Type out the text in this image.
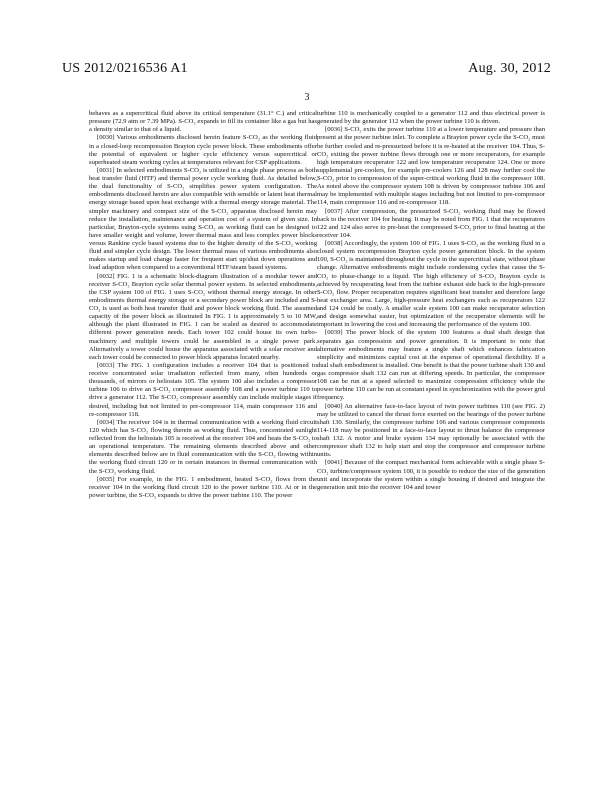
US 2012/0216536 A1	Aug. 30, 2012
3

behaves as a supercritical fluid above its critical temperature (31.1° C.) and critical pressure (72.9 atm or 7.39 MPa). S-CO₂ expands to fill its container like a gas but has a density similar to that of a liquid.

[0030] Various embodiments disclosed herein feature S-CO₂ as the working fluid in a closed-loop recompression Brayton cycle power block. These embodiments offer the potential of equivalent or higher cycle efficiency versus supercritical or superheated steam working cycles at temperatures relevant for CSP applications.

[0031] In selected embodiments S-CO₂ is utilized in a single phase process as both heat transfer fluid (HTF) and thermal power cycle working fluid. As detailed below, the dual functionality of S-CO₂ simplifies power system configuration. The embodiments disclosed herein are also compatible with sensible or latent heat thermal energy storage based upon heat exchange with a thermal energy storage material. The simpler machinery and compact size of the S-CO₂ apparatus disclosed herein may reduce the installation, maintenance and operation cost of a system of given size. In particular, Brayton-cycle systems using S-CO₂ as working fluid can be designed to have smaller weight and volume, lower thermal mass and less complex power blocks versus Rankine cycle based systems due to the higher density of the S-CO₂ working fluid and simpler cycle design. The lower thermal mass of various embodiments also makes startup and load change faster for frequent start up/shut down operations and load adaption when compared to a conventional HTF/steam based systems.

[0032] FIG. 1 is a schematic block-diagram illustration of a modular tower and receiver S-CO₂ Brayton cycle solar thermal power system. In selected embodiments, the CSP system 100 of FIG. 1 uses S-CO₂ without thermal energy storage. In other embodiments thermal energy storage or a secondary power block are included and S-CO₂ is used as both heat transfer fluid and power block working fluid. The assumed capacity of the power block as illustrated In FIG. 1 is approximately 5 to 10 MW, although the plant illustrated in FIG. 1 can be scaled as desired to accommodate different power generation needs. Each tower 102 could house its own turbo-machinery and multiple towers could be assembled in a single power park. Alternatively a tower could house the apparatus associated with a solar receiver and each tower could be connected to power block apparatus located nearby.

[0033] The FIG. 1 configuration includes a receiver 104 that is positioned to receive concentrated solar irradiation reflected from many, often hundreds or thousands, of mirrors or heliostats 105. The system 100 also includes a compressor turbine 106 to drive an S-CO₂ compressor assembly 108 and a power turbine 110 to drive a generator 112. The S-CO₂ compressor assembly can include multiple stages if desired, including but not limited to pre-compressor 114, main compressor 116 and re-compressor 118.

[0034] The receiver 104 is in thermal communication with a working fluid circuit 120 which has S-CO₂ flowing therein as working fluid. Thus, concentrated sunlight reflected from the heliostats 105 is received at the receiver 104 and heats the S-CO₂ to an operational temperature. The remaining elements described above and other elements described below are in fluid communication with the S-CO₂ flowing within the working fluid circuit 120 or in certain instances in thermal communication with the S-CO₂ working fluid.

[0035] For example, in the FIG. 1 embodiment, heated S-CO₂ flows from the receiver 104 in the working fluid circuit 120 to the power turbine 110. At or in the power turbine, the S-CO₂ expands to drive the power turbine 110. The power

turbine 110 is mechanically coupled to a generator 112 and thus electrical power is generated by the generator 112 when the power turbine 110 is driven.

[0036] S-CO₂ exits the power turbine 110 at a lower temperature and pressure than present at the power turbine inlet. To complete a Brayton power cycle the S-CO₂ must be further cooled and re-pressurized before it is re-heated at the receiver 104. Thus, S-CO₂ exiting the power turbine flows through one or more recuperators, for example high temperature recuperator 122 and low temperature recuperator 124. One or more supplemental pre-coolers, for example pre-coolers 126 and 128 may further cool the S-CO₂ prior to compression of the super-critical working fluid in the compressor 108. As noted above the compressor system 108 is driven by compressor turbine 106 and may be implemented with multiple stages including but not limited to pre-compressor 114, main compressor 116 and re-compressor 118.

[0037] After compression, the pressurized S-CO₂ working fluid may be flowed back to the receiver 104 for heating. It may be noted from FIG. 1 that the recuperators 122 and 124 also serve to pre-heat the compressed S-CO₂ prior to final heating at the receiver 104.

[0038] Accordingly, the system 100 of FIG. 1 uses S-CO₂ as the working fluid in a closed system recompression Brayton cycle power generation block. In the system 100, S-CO₂ is maintained throughout the cycle in the supercritical state, without phase change. Alternative embodiments might include condensing cycles that cause the S-CO₂ to phase-change to a liquid. The high efficiency of S-CO₂ Brayton cycle is achieved by recuperating heat from the turbine exhaust side back to the high-pressure S-CO₂ flow. Proper recuperation requires significant heat transfer and therefore large heat exchanger area. Large, high-pressure heat exchangers such as recuperators 122 and 124 could be costly. A smaller scale system 100 can make recuperator selection and design somewhat easier, but optimization of the recuperator elements will be important in lowering the cost and increasing the performance of the system 100.

[0039] The power block of the system 100 features a dual shaft design that separates gas compression and power generation. It is important to note that alternative embodiments may feature a single shaft which enhances fabrication simplicity and minimizes capital cost at the expense of operational flexibility. If a dual shaft embodiment is installed. One benefit is that the power turbine shaft 130 and gas compressor shaft 132 can run at differing speeds. In particular, the compressor 108 can be run at a speed selected to maximize compression efficiency while the power turbine 110 can be run at constant speed in synchronization with the power grid frequency.

[0040] An alternative face-to-face layout of twin power turbines 110 (see FIG. 2) may be utilized to cancel the thrust force exerted on the bearings of the power turbine shaft 130. Similarly, the compressor turbine 106 and various compressor components 114-118 may be positioned in a face-to-face layout to thrust balance the compressor shaft 132. A motor and brake system 134 may optionally be associated with the compressor shaft 132 to help start and stop the compressor and compressor turbine units.

[0041] Because of the compact mechanical form achievable with a single phase S-CO₂ turbine/compressor system 100, it is possible to reduce the size of the generation unit and incorporate the system within a single housing if desired and integrate the generation unit into the receiver 104 and tower
